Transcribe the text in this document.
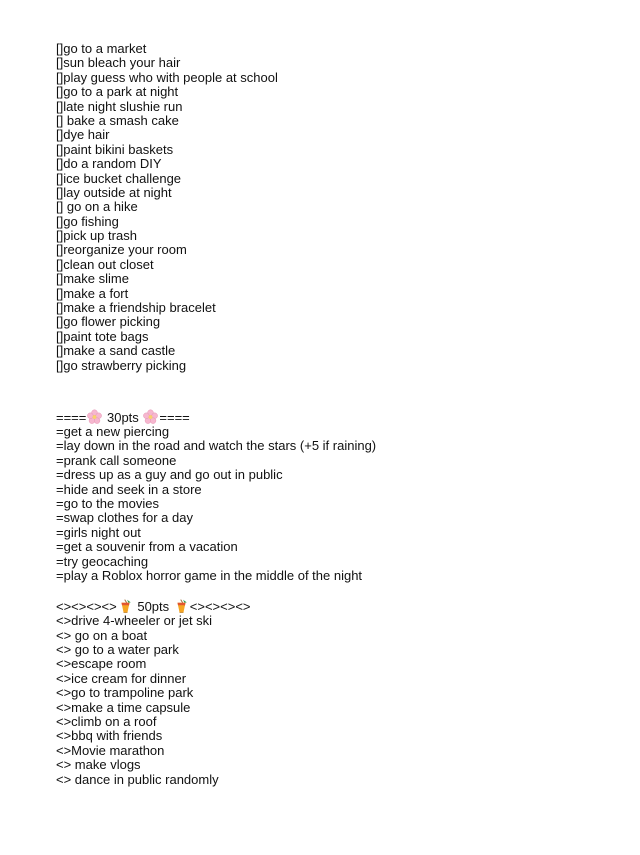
[]go to a market
[]sun bleach your hair
[]play guess who with people at school
[]go to a park at night
[]late night slushie run
[] bake a smash cake
[]dye hair
[]paint bikini baskets
[]do a random DIY
[]ice bucket challenge
[]lay outside at night
[] go on a hike
[]go fishing
[]pick up trash
[]reorganize your room
[]clean out closet
[]make slime
[]make a fort
[]make a friendship bracelet
[]go flower picking
[]paint tote bags
[]make a sand castle
[]go strawberry picking
==== 30pts ====
=get a new piercing
=lay down in the road and watch the stars (+5 if raining)
=prank call someone
=dress up as a guy and go out in public
=hide and seek in a store
=go to the movies
=swap clothes for a day
=girls night out
=get a souvenir from a vacation
=try geocaching
=play a Roblox horror game in the middle of the night
<><><><> 50pts <><><><>
<>drive 4-wheeler or jet ski
<> go on a boat
<> go to a water park
<>escape room
<>ice cream for dinner
<>go to trampoline park
<>make a time capsule
<>climb on a roof
<>bbq with friends
<>Movie marathon
<> make vlogs
<> dance in public randomly
